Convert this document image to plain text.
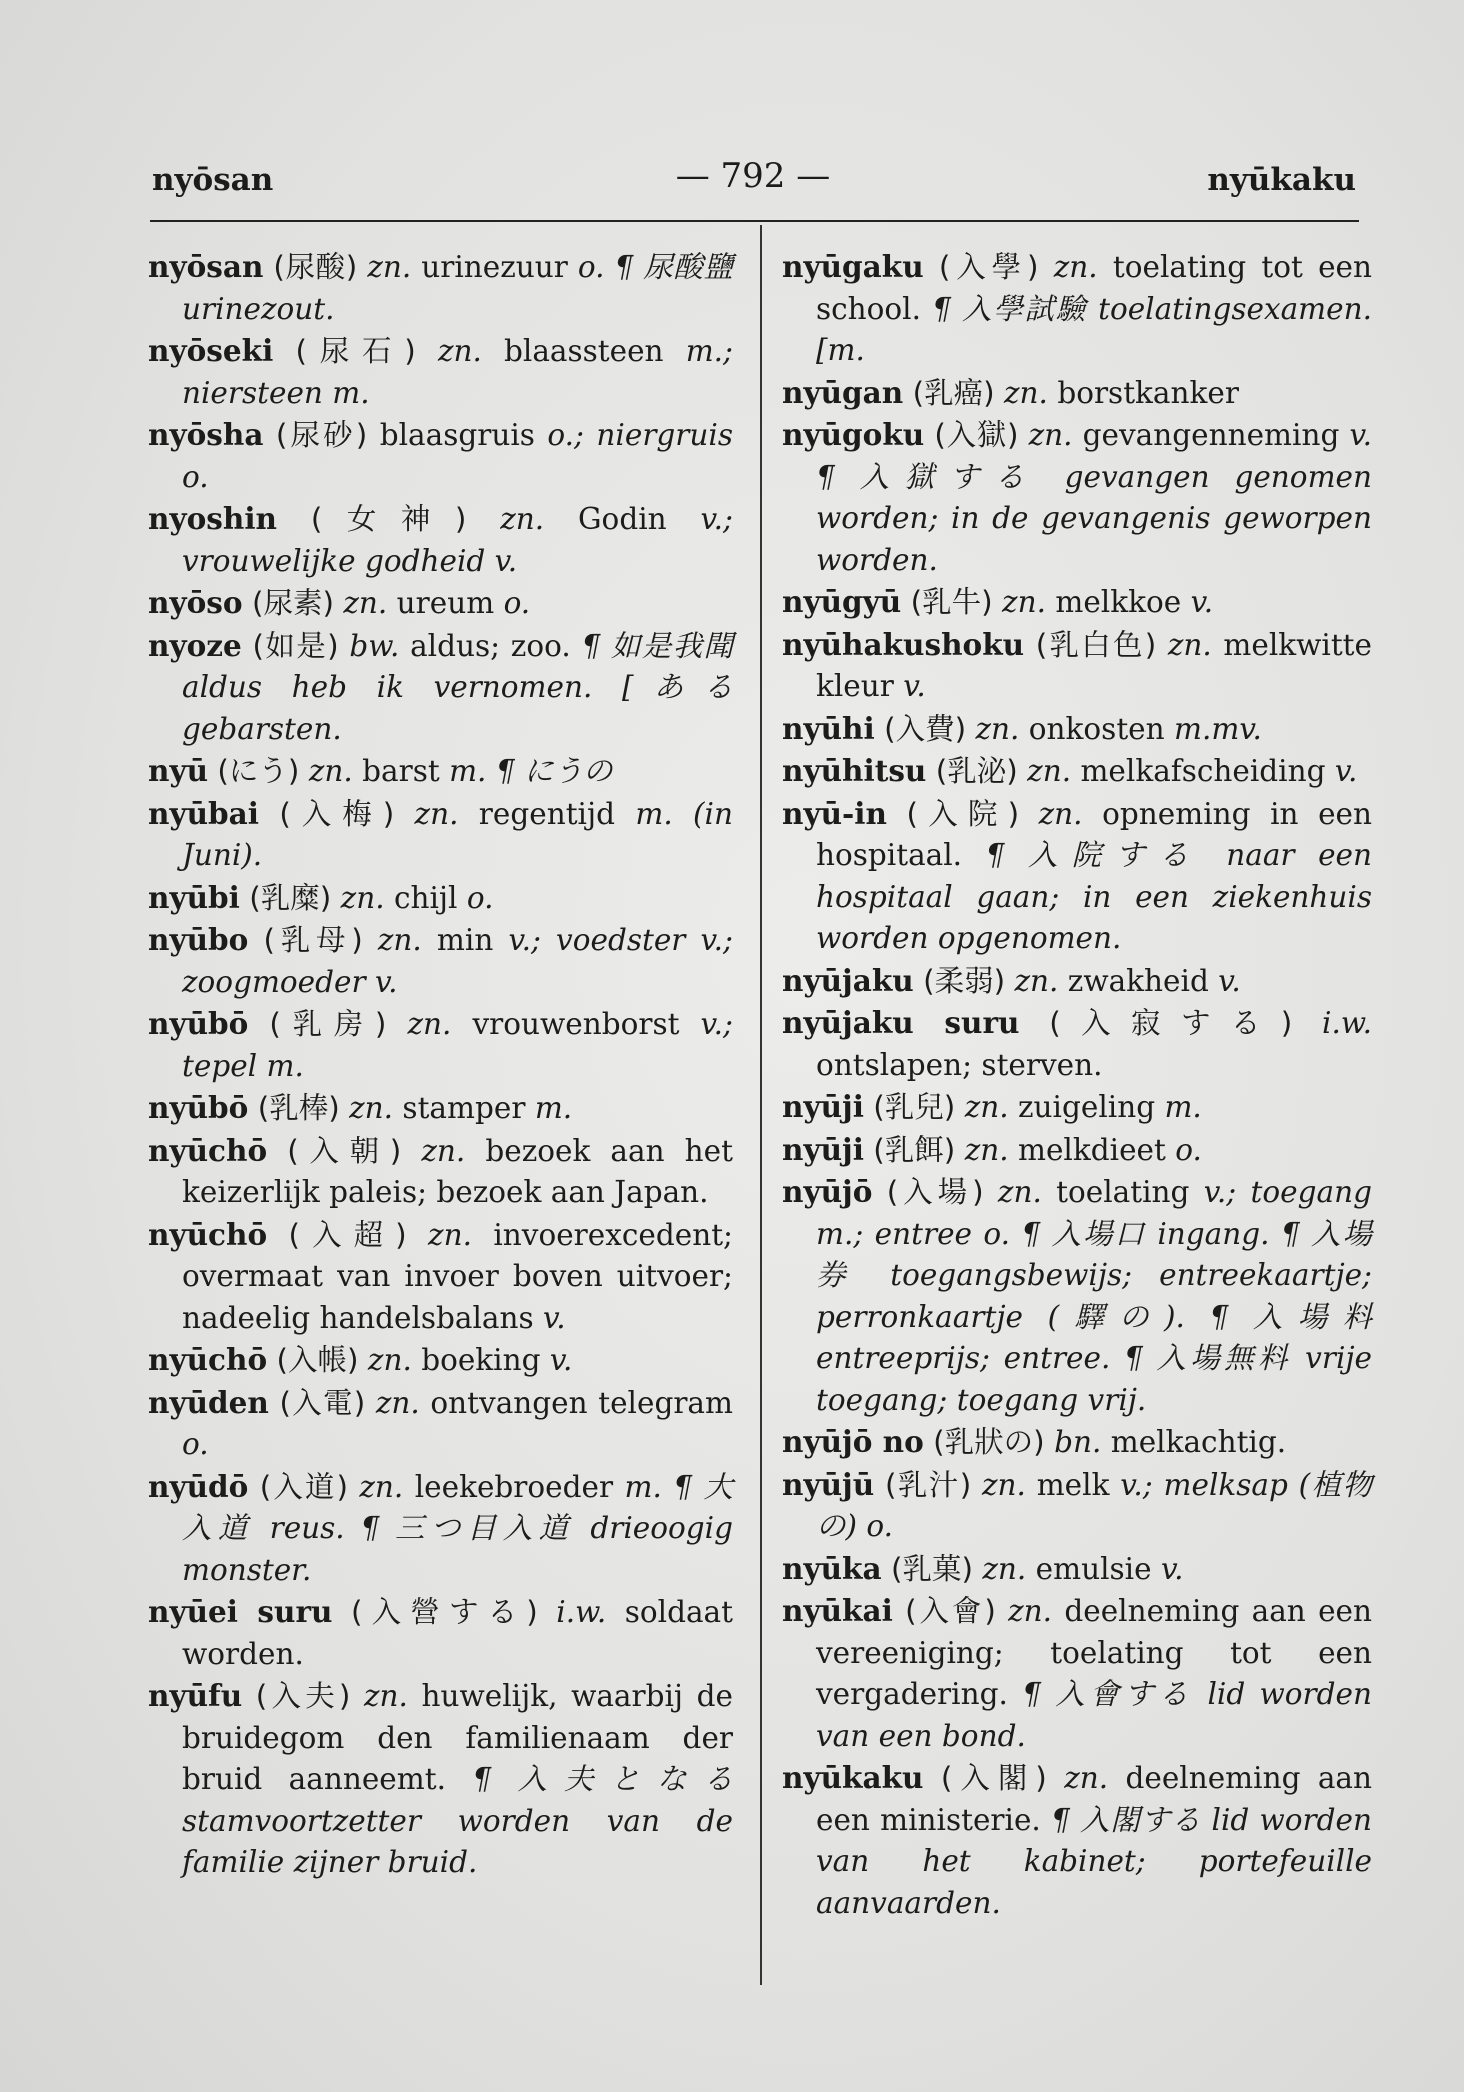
nyōsan	— 792 —	nyūkaku

nyōsan (尿酸) zn. urinezuur o. ¶ 尿酸鹽 urinezout.

nyōseki (尿石) zn. blaassteen m.; niersteen m.

nyōsha (尿砂) blaasgruis o.; niergruis o.

nyoshin (女神) zn. Godin v.; vrouwelijke godheid v.

nyōso (尿素) zn. ureum o.

nyoze (如是) bw. aldus; zoo. ¶ 如是我聞 aldus heb ik vernomen. [ある gebarsten.

nyū (にう) zn. barst m. ¶ にうの

nyūbai (入梅) zn. regentijd m. (in Juni).

nyūbi (乳糜) zn. chijl o.

nyūbo (乳母) zn. min v.; voedster v.; zoogmoeder v.

nyūbō (乳房) zn. vrouwenborst v.; tepel m.

nyūbō (乳棒) zn. stamper m.

nyūchō (入朝) zn. bezoek aan het keizerlijk paleis; bezoek aan Japan.

nyūchō (入超) zn. invoerexcedent; overmaat van invoer boven uitvoer; nadeelig handelsbalans v.

nyūchō (入帳) zn. boeking v.

nyūden (入電) zn. ontvangen telegram o.

nyūdō (入道) zn. leekebroeder m. ¶ 大入道 reus. ¶ 三つ目入道 drieoogig monster.

nyūei suru (入營する) i.w. soldaat worden.

nyūfu (入夫) zn. huwelijk, waarbij de bruidegom den familienaam der bruid aanneemt. ¶ 入夫となる stamvoortzetter worden van de familie zijner bruid.

nyūgaku (入學) zn. toelating tot een school. ¶ 入學試驗 toelatingsexamen. [m.

nyūgan (乳癌) zn. borstkanker

nyūgoku (入獄) zn. gevangenneming v. ¶ 入獄する gevangen genomen worden; in de gevangenis geworpen worden.

nyūgyū (乳牛) zn. melkkoe v.

nyūhakushoku (乳白色) zn. melkwitte kleur v.

nyūhi (入費) zn. onkosten m.mv.

nyūhitsu (乳泌) zn. melkafscheiding v.

nyū-in (入院) zn. opneming in een hospitaal. ¶ 入院する naar een hospitaal gaan; in een ziekenhuis worden opgenomen.

nyūjaku (柔弱) zn. zwakheid v.

nyūjaku suru (入寂する) i.w. ontslapen; sterven.

nyūji (乳兒) zn. zuigeling m.

nyūji (乳餌) zn. melkdieet o.

nyūjō (入場) zn. toelating v.; toegang m.; entree o. ¶ 入場口 ingang. ¶ 入場券 toegangsbewijs; entreekaartje; perronkaartje (驛の). ¶ 入場料 entreeprijs; entree. ¶ 入場無料 vrije toegang; toegang vrij.

nyūjō no (乳狀の) bn. melkachtig.

nyūjū (乳汁) zn. melk v.; melksap (植物の) o.

nyūka (乳菓) zn. emulsie v.

nyūkai (入會) zn. deelneming aan een vereeniging; toelating tot een vergadering. ¶ 入會する lid worden van een bond.

nyūkaku (入閣) zn. deelneming aan een ministerie. ¶ 入閣する lid worden van het kabinet; portefeuille aanvaarden.
